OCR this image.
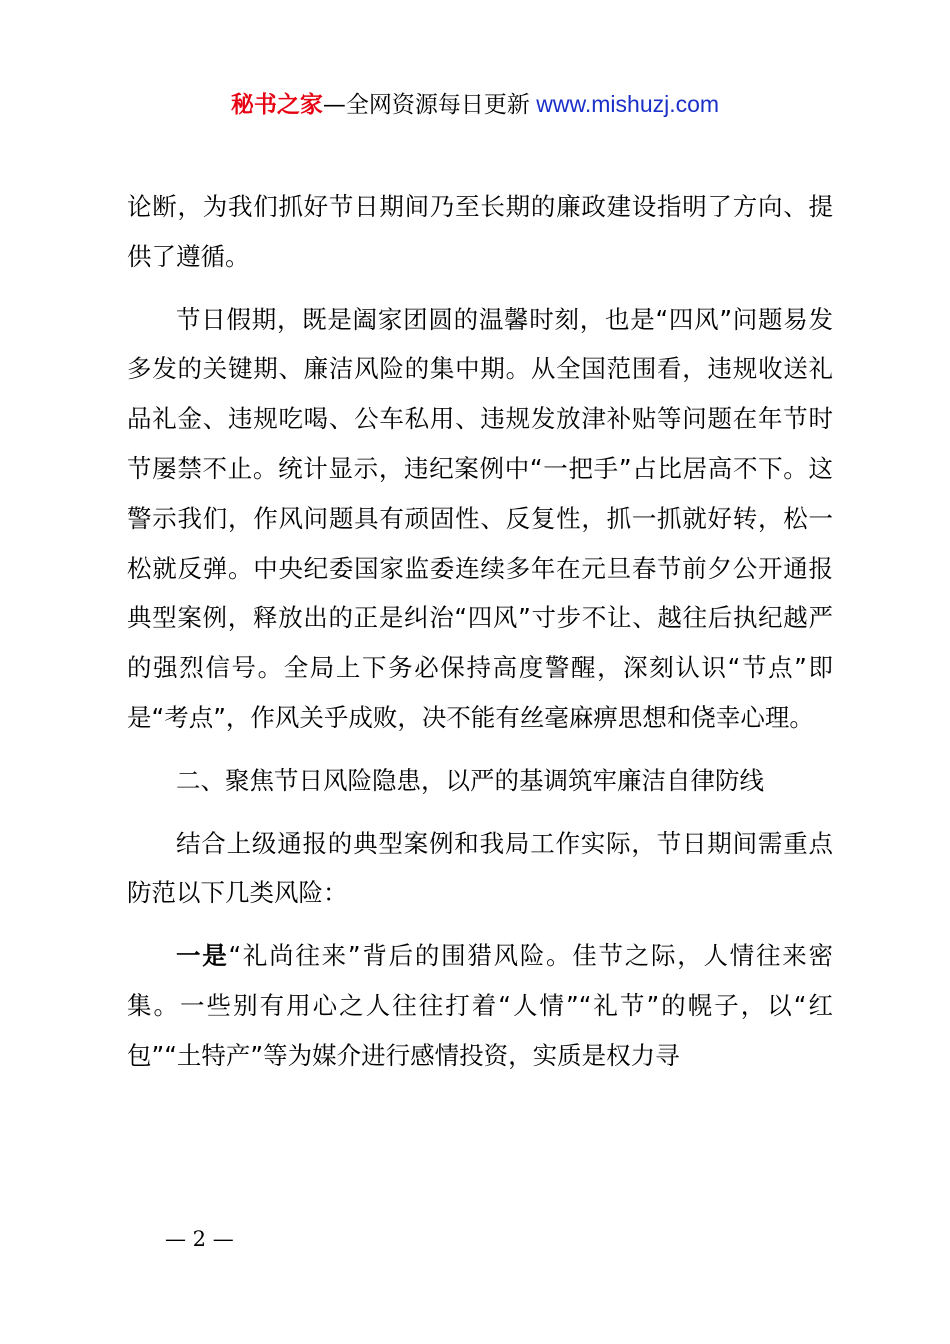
秘书之家—全网资源每日更新 www.mishuzj.com

论断，为我们抓好节日期间乃至长期的廉政建设指明了方向、提供了遵循。

节日假期，既是阖家团圆的温馨时刻，也是“四风”问题易发多发的关键期、廉洁风险的集中期。从全国范围看，违规收送礼品礼金、违规吃喝、公车私用、违规发放津补贴等问题在年节时节屡禁不止。统计显示，违纪案例中“一把手”占比居高不下。这警示我们，作风问题具有顽固性、反复性，抓一抓就好转，松一松就反弹。中央纪委国家监委连续多年在元旦春节前夕公开通报典型案例，释放出的正是纠治“四风”寸步不让、越往后执纪越严的强烈信号。全局上下务必保持高度警醒，深刻认识“节点”即是“考点”，作风关乎成败，决不能有丝毫麻痹思想和侥幸心理。

二、聚焦节日风险隐患，以严的基调筑牢廉洁自律防线

结合上级通报的典型案例和我局工作实际，节日期间需重点防范以下几类风险：

一是“礼尚往来”背后的围猎风险。佳节之际，人情往来密集。一些别有用心之人往往打着“人情”“礼节”的幌子，以“红包”“土特产”等为媒介进行感情投资，实质是权力寻

— 2 —
